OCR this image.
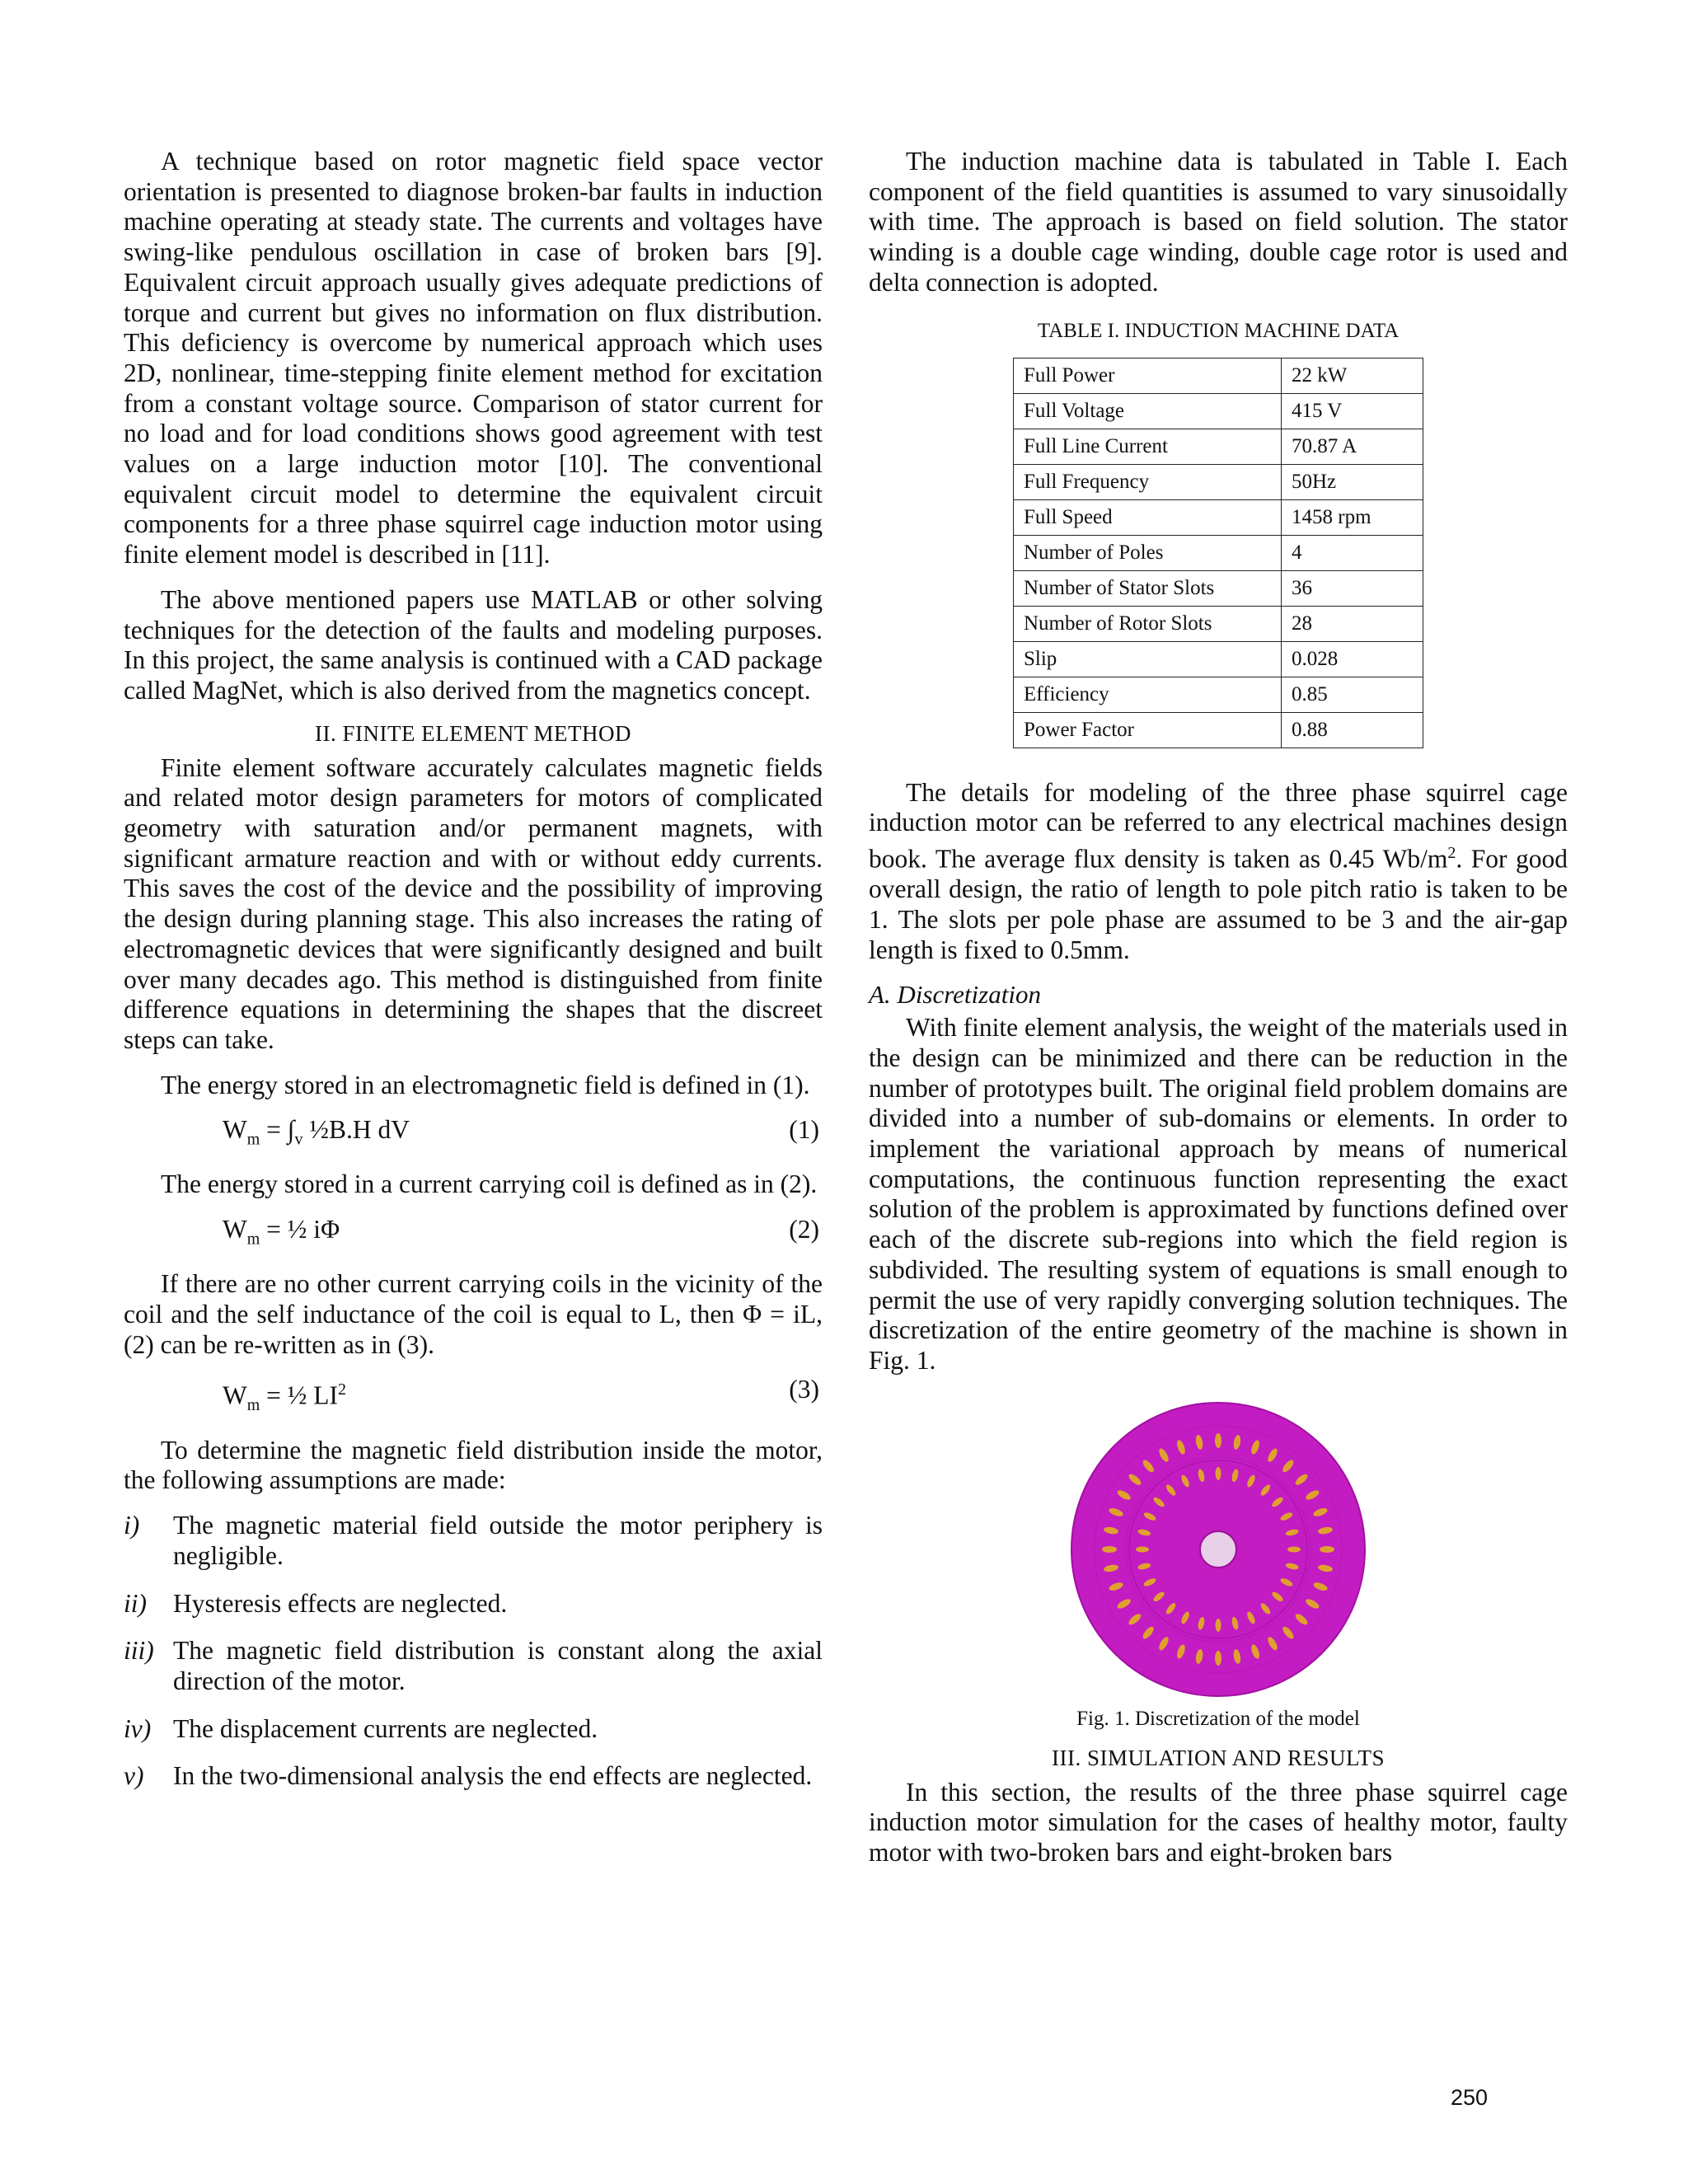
A technique based on rotor magnetic field space vector orientation is presented to diagnose broken-bar faults in induction machine operating at steady state. The currents and voltages have swing-like pendulous oscillation in case of broken bars [9]. Equivalent circuit approach usually gives adequate predictions of torque and current but gives no information on flux distribution. This deficiency is overcome by numerical approach which uses 2D, nonlinear, time-stepping finite element method for excitation from a constant voltage source. Comparison of stator current for no load and for load conditions shows good agreement with test values on a large induction motor [10]. The conventional equivalent circuit model to determine the equivalent circuit components for a three phase squirrel cage induction motor using finite element model is described in [11].

The above mentioned papers use MATLAB or other solving techniques for the detection of the faults and modeling purposes. In this project, the same analysis is continued with a CAD package called MagNet, which is also derived from the magnetics concept.

II. FINITE ELEMENT METHOD

Finite element software accurately calculates magnetic fields and related motor design parameters for motors of complicated geometry with saturation and/or permanent magnets, with significant armature reaction and with or without eddy currents. This saves the cost of the device and the possibility of improving the design during planning stage. This also increases the rating of electromagnetic devices that were significantly designed and built over many decades ago. This method is distinguished from finite difference equations in determining the shapes that the discreet steps can take.

The energy stored in an electromagnetic field is defined in (1).

$W_m = \int_v$ ½B.H dV	(1)

The energy stored in a current carrying coil is defined as in (2).

$W_m$ = ½ iΦ	(2)

If there are no other current carrying coils in the vicinity of the coil and the self inductance of the coil is equal to L, then Φ = iL, (2) can be re-written as in (3).

$W_m$ = ½ $LI^2$	(3)

To determine the magnetic field distribution inside the motor, the following assumptions are made:

i)	The magnetic material field outside the motor periphery is negligible.
ii)	Hysteresis effects are neglected.
iii) The magnetic field distribution is constant along the axial direction of the motor.
iv) The displacement currents are neglected.
v)	In the two-dimensional analysis the end effects are neglected.

The induction machine data is tabulated in Table I. Each component of the field quantities is assumed to vary sinusoidally with time. The approach is based on field solution. The stator winding is a double cage winding, double cage rotor is used and delta connection is adopted.

TABLE I. INDUCTION MACHINE DATA
Full Power	22 kW
Full Voltage	415 V
Full Line Current	70.87 A
Full Frequency	50Hz
Full Speed	1458 rpm
Number of Poles	4
Number of Stator Slots	36
Number of Rotor Slots	28
Slip	0.028
Efficiency	0.85
Power Factor	0.88

The details for modeling of the three phase squirrel cage induction motor can be referred to any electrical machines design book. The average flux density is taken as 0.45 $Wb/m^2$. For good overall design, the ratio of length to pole pitch ratio is taken to be 1. The slots per pole phase are assumed to be 3 and the air-gap length is fixed to 0.5mm.

A. Discretization

With finite element analysis, the weight of the materials used in the design can be minimized and there can be reduction in the number of prototypes built. The original field problem domains are divided into a number of sub-domains or elements. In order to implement the variational approach by means of numerical computations, the continuous function representing the exact solution of the problem is approximated by functions defined over each of the discrete sub-regions into which the field region is subdivided. The resulting system of equations is small enough to permit the use of very rapidly converging solution techniques. The discretization of the entire geometry of the machine is shown in Fig. 1.

Fig. 1. Discretization of the model
III. SIMULATION AND RESULTS

In this section, the results of the three phase squirrel cage induction motor simulation for the cases of healthy motor, faulty motor with two-broken bars and eight-broken bars

250
